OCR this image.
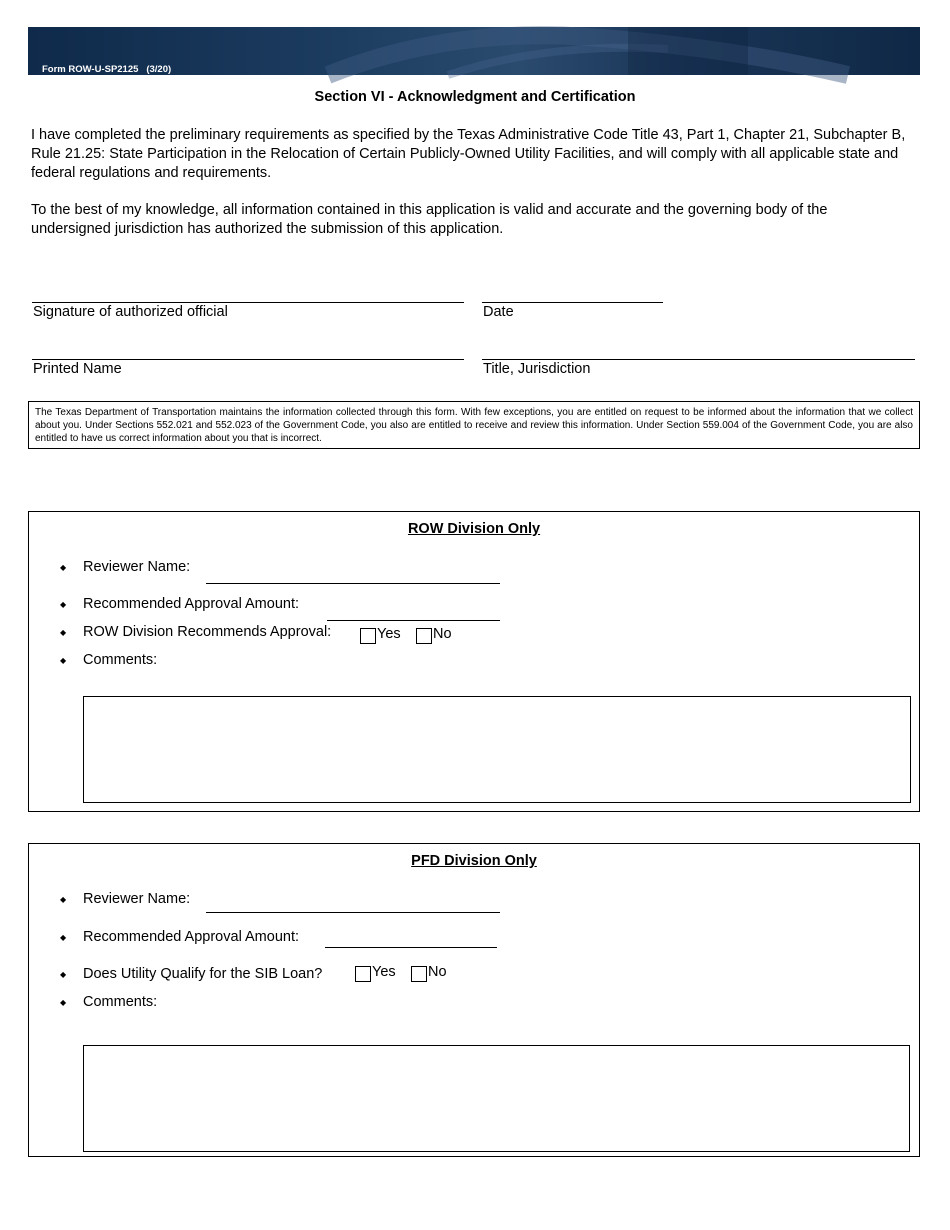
Form ROW-U-SP2125   (3/20)

Page 3 of 3

	Section VI - Acknowledgment and Certification
I have completed the preliminary requirements as specified by the Texas Administrative Code Title 43, Part 1, Chapter 21, Subchapter B, Rule 21.25: State Participation in the Relocation of Certain Publicly-Owned Utility Facilities, and will comply with all applicable state and federal regulations and requirements.
To the best of my knowledge, all information contained in this application is valid and accurate and the governing body of the undersigned jurisdiction has authorized the submission of this application.
Signature of authorized official	Date
Printed Name	Title, Jurisdiction
The Texas Department of Transportation maintains the information collected through this form. With few exceptions, you are entitled on request to be informed about the information that we collect about you. Under Sections 552.021 and 552.023 of the Government Code, you also are entitled to receive and review this information. Under Section 559.004 of the Government Code, you are also entitled to have us correct information about you that is incorrect.
ROW Division Only
◆ Reviewer Name:
◆ Recommended Approval Amount:
◆ ROW Division Recommends Approval:	Yes No
◆ Comments:
PFD Division Only
◆ Reviewer Name:
◆ Recommended Approval Amount:
◆ Does Utility Qualify for the SIB Loan?	Yes No
◆ Comments:
